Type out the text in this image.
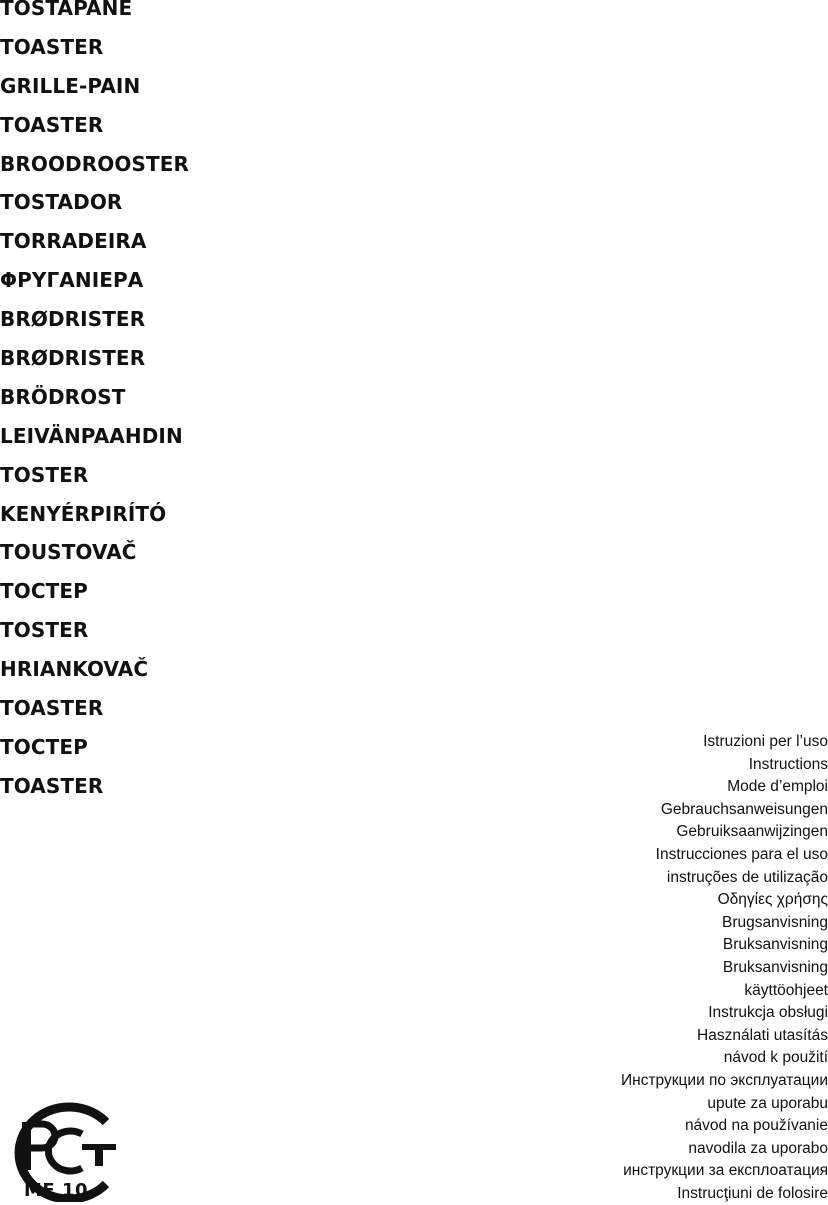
TOSTAPANE
TOASTER
GRILLE-PAIN
TOASTER
BROODROOSTER
TOSTADOR
TORRADEIRA
ΦΡΥΓΑΝΙΕΡΑ
BRØDRISTER
BRØDRISTER
BRÖDROST
LEIVÄNPAAHDIN
TOSTER
KENYÉRPIRÍTÓ
TOUSTOVAČ
ТОСТЕР
TOSTER
HRIANKOVAČ
TOASTER
ТОСТЕР
TOASTER
Istruzioni per l’uso
Instructions
Mode d’emploi
Gebrauchsanweisungen
Gebruiksaanwijzingen
Instrucciones para el uso
instruções de utilização
Οδηγίες χρήσης
Brugsanvisning
Bruksanvisning
Bruksanvisning
käyttöohjeet
Instrukcja obsługi
Használati utasítás
návod k použití
Инструкции по эксплуатации
upute za uporabu
návod na používanie
navodila za uporabo
инструкции за експлоатация
Instrucţiuni de folosire
ME 10
